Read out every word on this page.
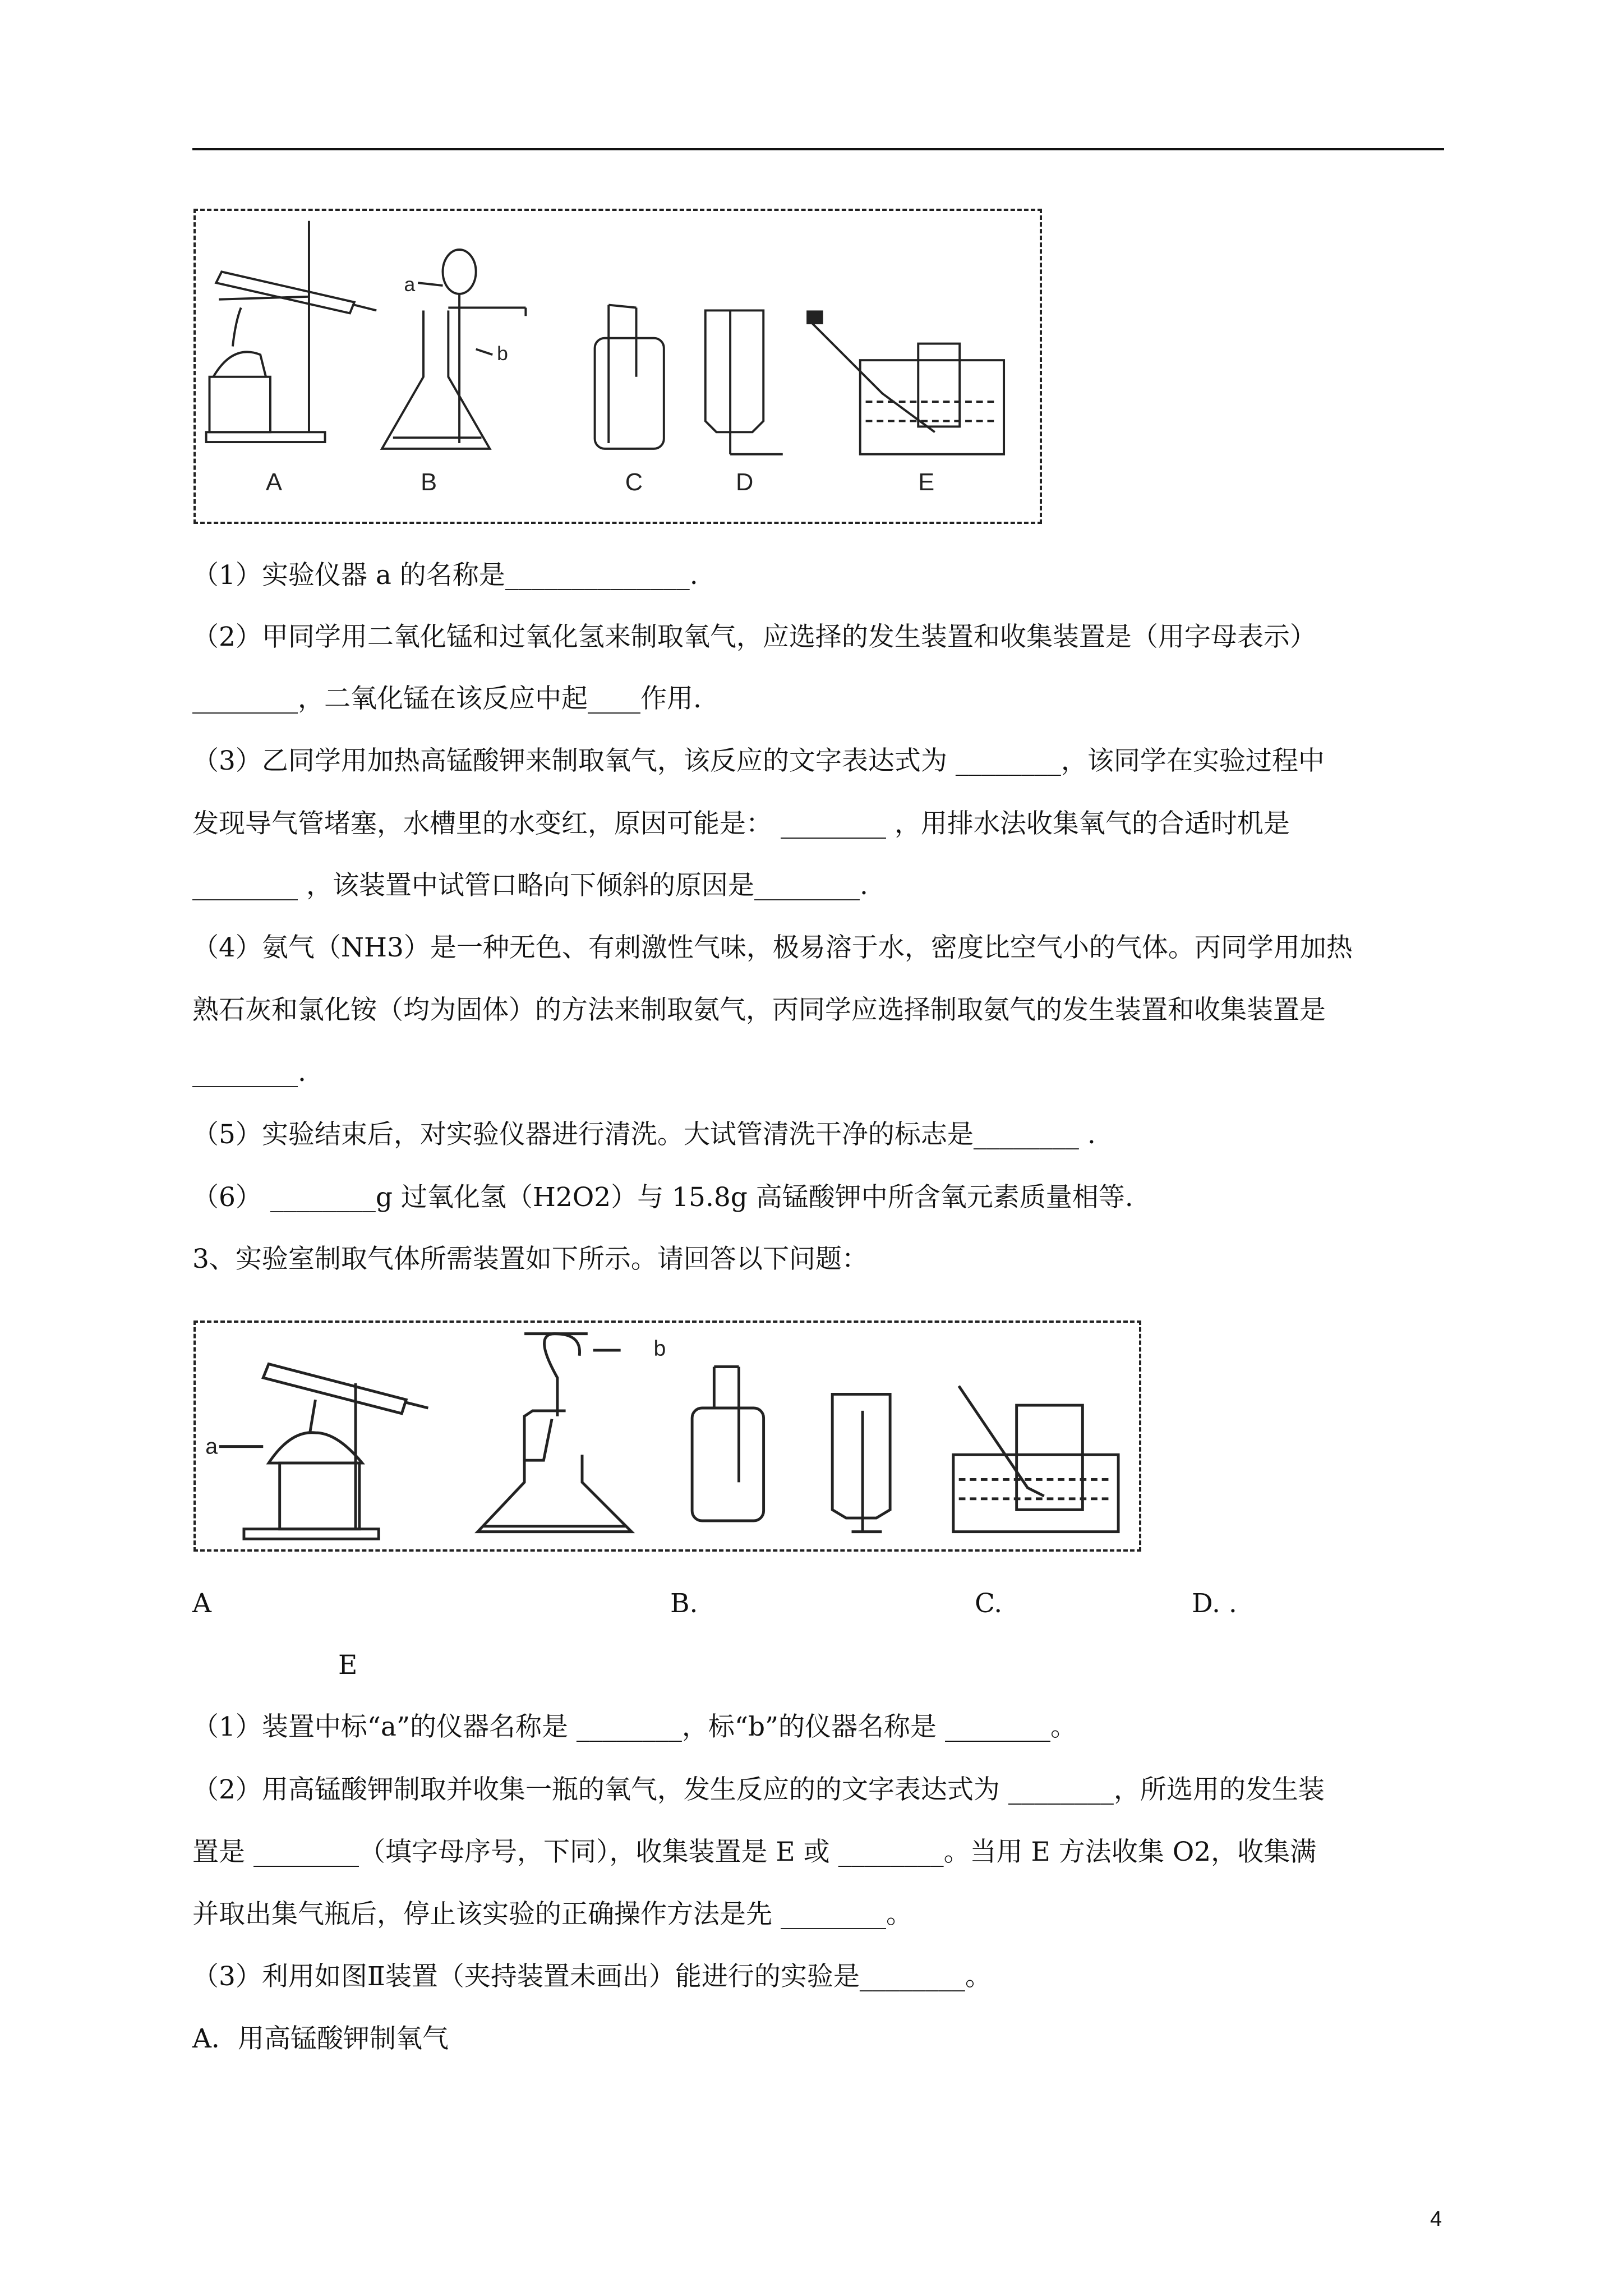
A	B	C	D	E
a
b
（1）实验仪器 a 的名称是______________.
（2）甲同学用二氧化锰和过氧化氢来制取氧气，应选择的发生装置和收集装置是（用字母表示）
________，二氧化锰在该反应中起____作用.
（3）乙同学用加热高锰酸钾来制取氧气，该反应的文字表达式为 ________，该同学在实验过程中
发现导气管堵塞，水槽里的水变红，原因可能是： ________ ，用排水法收集氧气的合适时机是
________ ，该装置中试管口略向下倾斜的原因是________.
（4）氨气（NH3）是一种无色、有刺激性气味，极易溶于水，密度比空气小的气体。丙同学用加热
熟石灰和氯化铵（均为固体）的方法来制取氨气，丙同学应选择制取氨气的发生装置和收集装置是
________.
（5）实验结束后，对实验仪器进行清洗。大试管清洗干净的标志是________ .
（6） ________g 过氧化氢（H2O2）与 15.8g 高锰酸钾中所含氧元素质量相等.
3、实验室制取气体所需装置如下所示。请回答以下问题：
a
b
A	B.	C.	D. .
E
（1）装置中标“a”的仪器名称是 ________，标“b”的仪器名称是 ________。
（2）用高锰酸钾制取并收集一瓶的氧气，发生反应的的文字表达式为 ________，所选用的发生装
置是 ________（填字母序号，下同），收集装置是 E 或 ________。当用 E 方法收集 O2，收集满
并取出集气瓶后，停止该实验的正确操作方法是先 ________。
（3）利用如图Ⅱ装置（夹持装置未画出）能进行的实验是________。
A．用高锰酸钾制氧气
4
